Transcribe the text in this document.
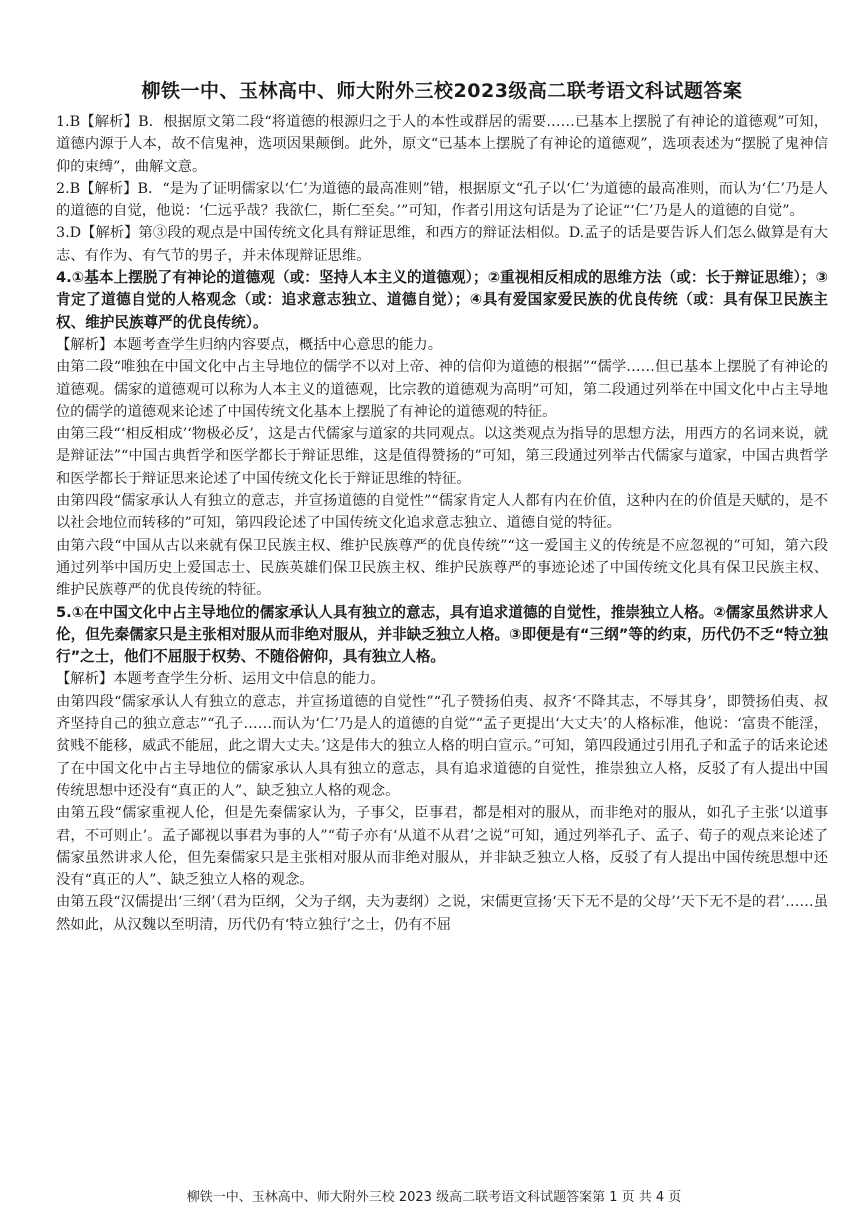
柳铁一中、玉林高中、师大附外三校2023级高二联考语文科试题答案

1.B【解析】B．根据原文第二段“将道德的根源归之于人的本性或群居的需要……已基本上摆脱了有神论的道德观”可知，道德内源于人本，故不信鬼神，选项因果颠倒。此外，原文“已基本上摆脱了有神论的道德观”，选项表述为“摆脱了鬼神信仰的束缚”，曲解文意。

2.B【解析】B．“是为了证明儒家以‘仁’为道德的最高准则”错，根据原文“孔子以‘仁’为道德的最高准则，而认为‘仁’乃是人的道德的自觉，他说：‘仁远乎哉？我欲仁，斯仁至矣。’”可知，作者引用这句话是为了论证“‘仁’乃是人的道德的自觉”。

3.D【解析】第③段的观点是中国传统文化具有辩证思维，和西方的辩证法相似。D.孟子的话是要告诉人们怎么做算是有大志、有作为、有气节的男子，并未体现辩证思维。

4.①基本上摆脱了有神论的道德观（或：坚持人本主义的道德观）；②重视相反相成的思维方法（或：长于辩证思维）；③肯定了道德自觉的人格观念（或：追求意志独立、道德自觉）；④具有爱国家爱民族的优良传统（或：具有保卫民族主权、维护民族尊严的优良传统）。

【解析】本题考查学生归纳内容要点，概括中心意思的能力。

由第二段“唯独在中国文化中占主导地位的儒学不以对上帝、神的信仰为道德的根据”“儒学……但已基本上摆脱了有神论的道德观。儒家的道德观可以称为人本主义的道德观，比宗教的道德观为高明”可知，第二段通过列举在中国文化中占主导地位的儒学的道德观来论述了中国传统文化基本上摆脱了有神论的道德观的特征。

由第三段“‘相反相成’‘物极必反’，这是古代儒家与道家的共同观点。以这类观点为指导的思想方法，用西方的名词来说，就是辩证法”“中国古典哲学和医学都长于辩证思维，这是值得赞扬的”可知，第三段通过列举古代儒家与道家，中国古典哲学和医学都长于辩证思来论述了中国传统文化长于辩证思维的特征。

由第四段“儒家承认人有独立的意志，并宣扬道德的自觉性”“儒家肯定人人都有内在价值，这种内在的价值是天赋的，是不以社会地位而转移的”可知，第四段论述了中国传统文化追求意志独立、道德自觉的特征。

由第六段“中国从古以来就有保卫民族主权、维护民族尊严的优良传统”“这一爱国主义的传统是不应忽视的”可知，第六段通过列举中国历史上爱国志士、民族英雄们保卫民族主权、维护民族尊严的事迹论述了中国传统文化具有保卫民族主权、维护民族尊严的优良传统的特征。

5.①在中国文化中占主导地位的儒家承认人具有独立的意志，具有追求道德的自觉性，推崇独立人格。②儒家虽然讲求人伦，但先秦儒家只是主张相对服从而非绝对服从，并非缺乏独立人格。③即便是有“三纲”等的约束，历代仍不乏“特立独行”之士，他们不屈服于权势、不随俗俯仰，具有独立人格。

【解析】本题考查学生分析、运用文中信息的能力。

由第四段“儒家承认人有独立的意志，并宣扬道德的自觉性”“孔子赞扬伯夷、叔齐‘不降其志，不辱其身’，即赞扬伯夷、叔齐坚持自己的独立意志”“孔子……而认为‘仁’乃是人的道德的自觉”“孟子更提出‘大丈夫’的人格标准，他说：‘富贵不能淫，贫贱不能移，威武不能屈，此之谓大丈夫。’这是伟大的独立人格的明白宣示。”可知，第四段通过引用孔子和孟子的话来论述了在中国文化中占主导地位的儒家承认人具有独立的意志，具有追求道德的自觉性，推崇独立人格，反驳了有人提出中国传统思想中还没有“真正的人”、缺乏独立人格的观念。

由第五段“儒家重视人伦，但是先秦儒家认为，子事父，臣事君，都是相对的服从，而非绝对的服从，如孔子主张‘以道事君，不可则止’。孟子鄙视以事君为事的人”“荀子亦有‘从道不从君’之说”可知，通过列举孔子、孟子、荀子的观点来论述了儒家虽然讲求人伦，但先秦儒家只是主张相对服从而非绝对服从，并非缺乏独立人格，反驳了有人提出中国传统思想中还没有“真正的人”、缺乏独立人格的观念。

由第五段“汉儒提出‘三纲’（君为臣纲，父为子纲，夫为妻纲）之说，宋儒更宣扬‘天下无不是的父母’‘天下无不是的君’……虽然如此，从汉魏以至明清，历代仍有‘特立独行’之士，仍有不屈

柳铁一中、玉林高中、师大附外三校 2023 级高二联考语文科试题答案第 1 页 共 4 页
